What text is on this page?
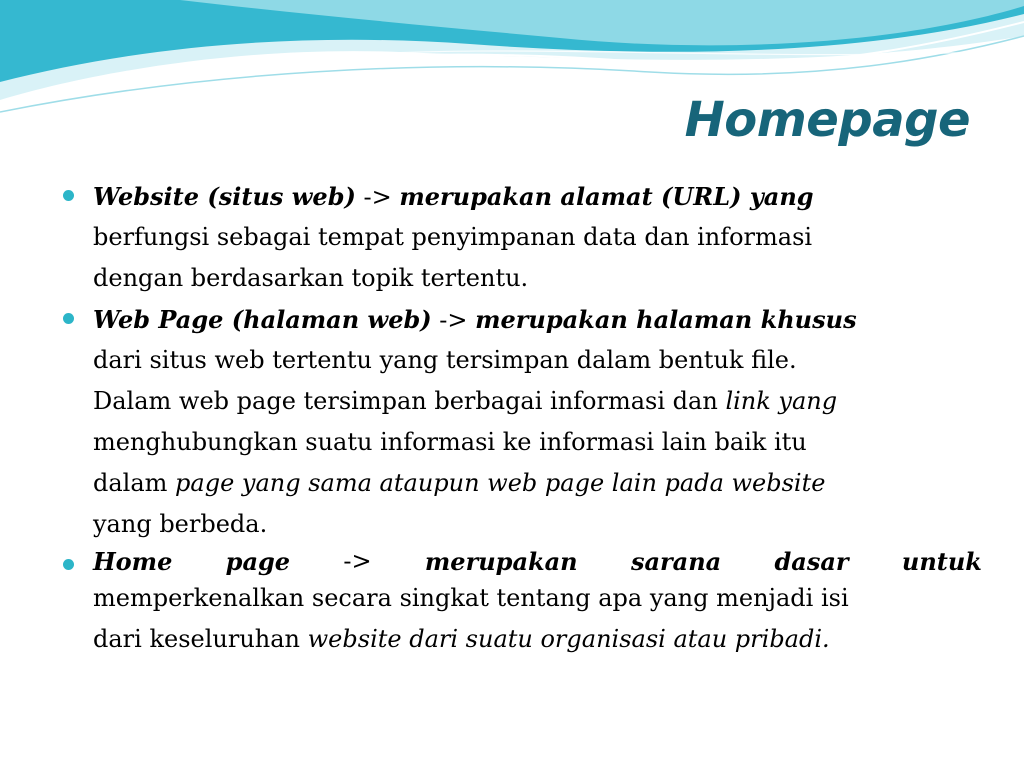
Homepage
Website (situs web) -> merupakan alamat (URL) yang
berfungsi sebagai tempat penyimpanan data dan informasi
dengan berdasarkan topik tertentu.
Web Page (halaman web) -> merupakan halaman khusus
dari situs web tertentu yang tersimpan dalam bentuk file.
Dalam web page tersimpan berbagai informasi dan link yang
menghubungkan suatu informasi ke informasi lain baik itu
dalam page yang sama ataupun web page lain pada website
yang berbeda.
Home page -> merupakan sarana dasar untuk
memperkenalkan secara singkat tentang apa yang menjadi isi
dari keseluruhan website dari suatu organisasi atau pribadi.
